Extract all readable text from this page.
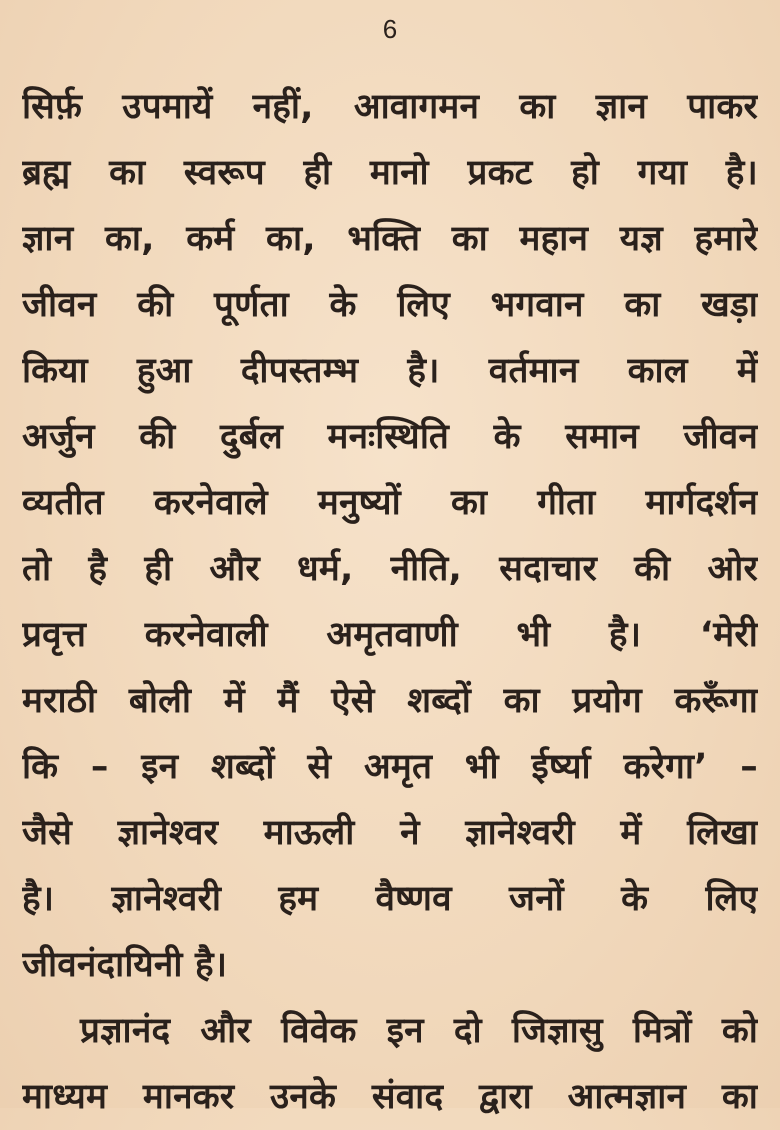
6
सिर्फ़ उपमायें नहीं, आवागमन का ज्ञान पाकर
ब्रह्म का स्वरूप ही मानो प्रकट हो गया है।
ज्ञान का, कर्म का, भक्ति का महान यज्ञ हमारे
जीवन की पूर्णता के लिए भगवान का खड़ा
किया हुआ दीपस्तम्भ है। वर्तमान काल में
अर्जुन की दुर्बल मनःस्थिति के समान जीवन
व्यतीत करनेवाले मनुष्यों का गीता मार्गदर्शन
तो है ही और धर्म, नीति, सदाचार की ओर
प्रवृत्त करनेवाली अमृतवाणी भी है। ‘मेरी
मराठी बोली में मैं ऐसे शब्दों का प्रयोग करूँगा
कि – इन शब्दों से अमृत भी ईर्ष्या करेगा’ –
जैसे ज्ञानेश्वर माऊली ने ज्ञानेश्वरी में लिखा
है। ज्ञानेश्वरी हम वैष्णव जनों के लिए
जीवनंदायिनी है।
प्रज्ञानंद और विवेक इन दो जिज्ञासु मित्रों को
माध्यम मानकर उनके संवाद द्वारा आत्मज्ञान का
